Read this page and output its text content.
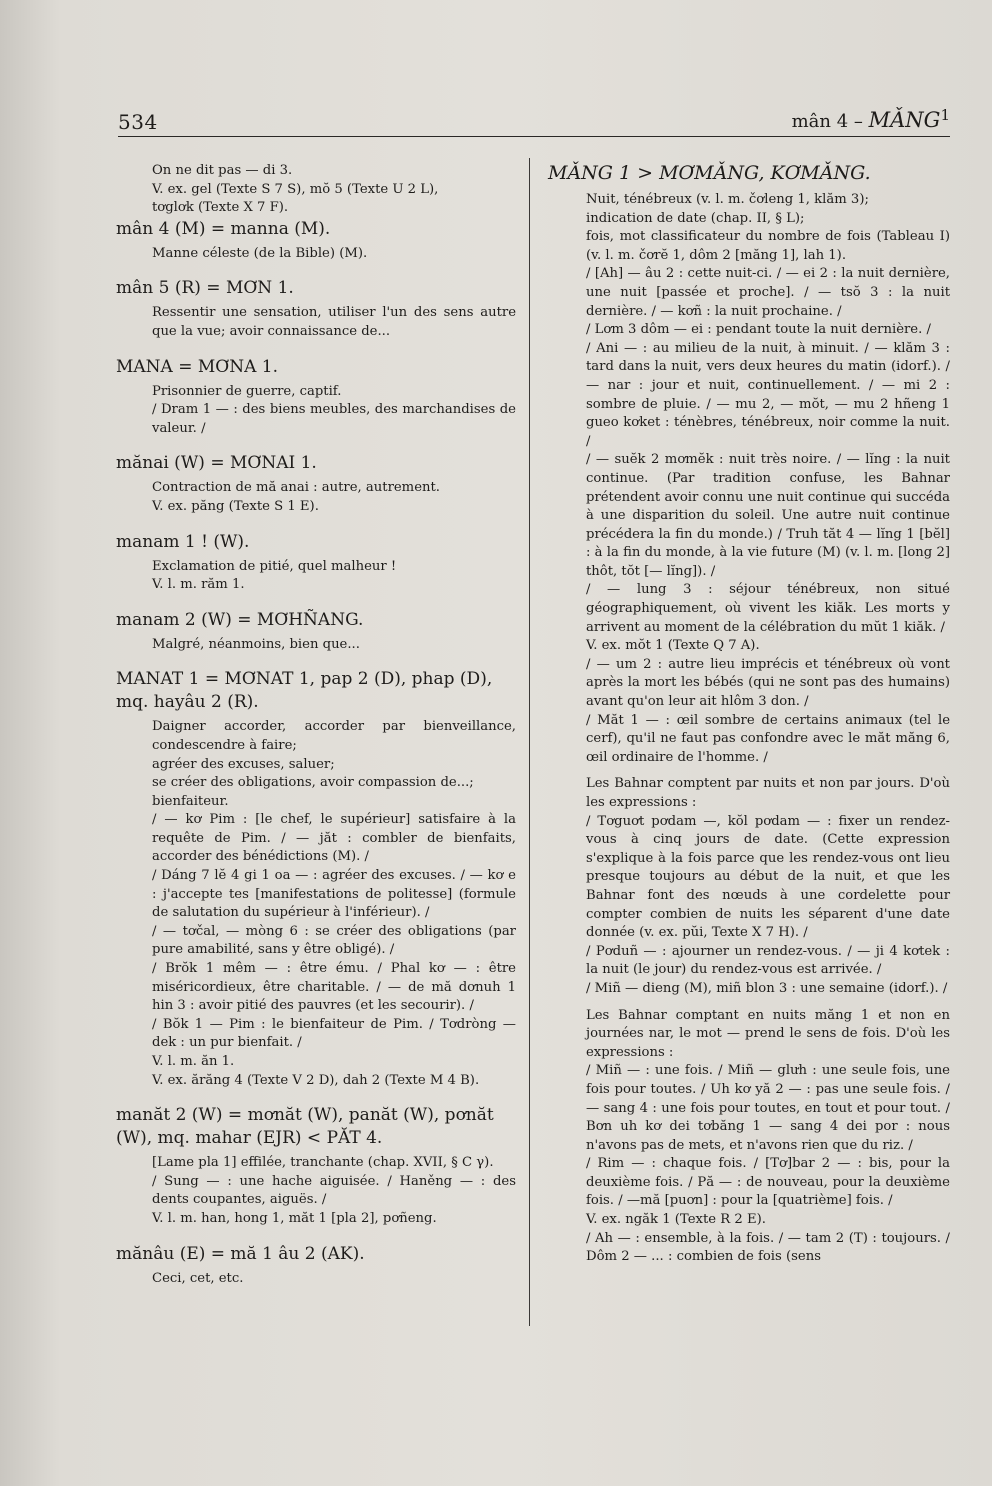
534	mân 4 – MǍNG$^1$

On ne dit pas — di 3.

V. ex. gel (Texte S 7 S), mŏ 5 (Texte U 2 L),

tơglơk (Texte X 7 F).

mân 4 (M) = manna (M).

Manne céleste (de la Bible) (M).

mân 5 (R) = MƠN 1.

Ressentir une sensation, utiliser l'un des sens autre que la vue; avoir connaissance de...

MANA = MƠNA 1.

Prisonnier de guerre, captif.

/ Dram 1 — : des biens meubles, des marchandises de valeur. /

mănai (W) = MƠNAI 1.

Contraction de mă anai : autre, autrement.

V. ex. păng (Texte S 1 E).

manam 1 ! (W).

Exclamation de pitié, quel malheur !

V. l. m. răm 1.

manam 2 (W) = MƠHÑANG.

Malgré, néanmoins, bien que...

MANAT 1 = MƠNAT 1, pap 2 (D), phap (D), mq. hayâu 2 (R).

Daigner accorder, accorder par bienveillance, condescendre à faire;

agréer des excuses, saluer;

se créer des obligations, avoir compassion de...;

bienfaiteur.

/ — kơ Pim : [le chef, le supérieur] satisfaire à la requête de Pim. / — jăt : combler de bienfaits, accorder des bénédictions (M). /

/ Dáng 7 lĕ 4 gi 1 oa — : agréer des excuses. / — kơ e : j'accepte tes [manifestations de politesse] (formule de salutation du supérieur à l'inférieur). /

/ — tơčal, — mòng 6 : se créer des obligations (par pure amabilité, sans y être obligé). /

/ Brŏk 1 mêm — : être ému. / Phal kơ — : être miséricordieux, être charitable. / — de mă dơnuh 1 hin 3 : avoir pitié des pauvres (et les secourir). /

/ Bŏk 1 — Pim : le bienfaiteur de Pim. / Tơdròng — dek : un pur bienfait. /

V. l. m. ăn 1.

V. ex. ărăng 4 (Texte V 2 D), dah 2 (Texte M 4 B).

manăt 2 (W) = mơnăt (W), panăt (W), pơnăt (W), mq. mahar (EJR) < PĂT 4.

[Lame pla 1] effilée, tranchante (chap. XVII, § C γ).

/ Sung — : une hache aiguisée. / Haněng — : des dents coupantes, aiguës. /

V. l. m. han, hong 1, măt 1 [pla 2], pơñeng.

mănâu (E) = mă 1 âu 2 (AK).

Ceci, cet, etc.

MǍNG 1 > MƠMǍNG, KƠMǍNG.

Nuit, ténébreux (v. l. m. čơleng 1, klăm 3);

indication de date (chap. II, § L);

fois, mot classificateur du nombre de fois (Tableau I) (v. l. m. čơrĕ 1, dôm 2 [măng 1], lah 1).

/ [Ah] — âu 2 : cette nuit-ci. / — ei 2 : la nuit dernière, une nuit [passée et proche]. / — tsŏ 3 : la nuit dernière. / — kơñ : la nuit prochaine. /

/ Lơm 3 dôm — ei : pendant toute la nuit dernière. /

/ Ani — : au milieu de la nuit, à minuit. / — klăm 3 : tard dans la nuit, vers deux heures du matin (idorf.). / — nar : jour et nuit, continuellement. / — mi 2 : sombre de pluie. / — mu 2, — mŏt, — mu 2 hñeng 1 gueo kơket : ténèbres, ténébreux, noir comme la nuit. /

/ — suĕk 2 mơmĕk : nuit très noire. / — lĭng : la nuit continue. (Par tradition confuse, les Bahnar prétendent avoir connu une nuit continue qui succéda à une disparition du soleil. Une autre nuit continue précédera la fin du monde.) / Truh tăt 4 — lĭng 1 [bĕl] : à la fin du monde, à la vie future (M) (v. l. m. [long 2] thôt, tŏt [— lĭng]). /

/ — lung 3 : séjour ténébreux, non situé géographiquement, où vivent les kiăk. Les morts y arrivent au moment de la célébration du mŭt 1 kiăk. /

V. ex. mŏt 1 (Texte Q 7 A).

/ — um 2 : autre lieu imprécis et ténébreux où vont après la mort les bébés (qui ne sont pas des humains) avant qu'on leur ait hlôm 3 don. /

/ Măt 1 — : œil sombre de certains animaux (tel le cerf), qu'il ne faut pas confondre avec le măt măng 6, œil ordinaire de l'homme. /

Les Bahnar comptent par nuits et non par jours. D'où les expressions :

/ Tơguơt pơdam —, kŏl pơdam — : fixer un rendez-vous à cinq jours de date. (Cette expression s'explique à la fois parce que les rendez-vous ont lieu presque toujours au début de la nuit, et que les Bahnar font des nœuds à une cordelette pour compter combien de nuits les séparent d'une date donnée (v. ex. pŭi, Texte X 7 H). /

/ Pơduñ — : ajourner un rendez-vous. / — ji 4 kơtek : la nuit (le jour) du rendez-vous est arrivée. /

/ Miñ — dieng (M), miñ blon 3 : une semaine (idorf.). /

Les Bahnar comptant en nuits măng 1 et non en journées nar, le mot — prend le sens de fois. D'où les expressions :

/ Miñ — : une fois. / Miñ — glưh : une seule fois, une fois pour toutes. / Uh kơ yă 2 — : pas une seule fois. / — sang 4 : une fois pour toutes, en tout et pour tout. / Bơn uh kơ dei tơbăng 1 — sang 4 dei por : nous n'avons pas de mets, et n'avons rien que du riz. /

/ Rim — : chaque fois. / [Tơ]bar 2 — : bis, pour la deuxième fois. / Pă — : de nouveau, pour la deuxième fois. / —mă [puơn] : pour la [quatrième] fois. /

V. ex. ngăk 1 (Texte R 2 E).

/ Ah — : ensemble, à la fois. / — tam 2 (T) : toujours. / Dôm 2 — ... : combien de fois (sens
